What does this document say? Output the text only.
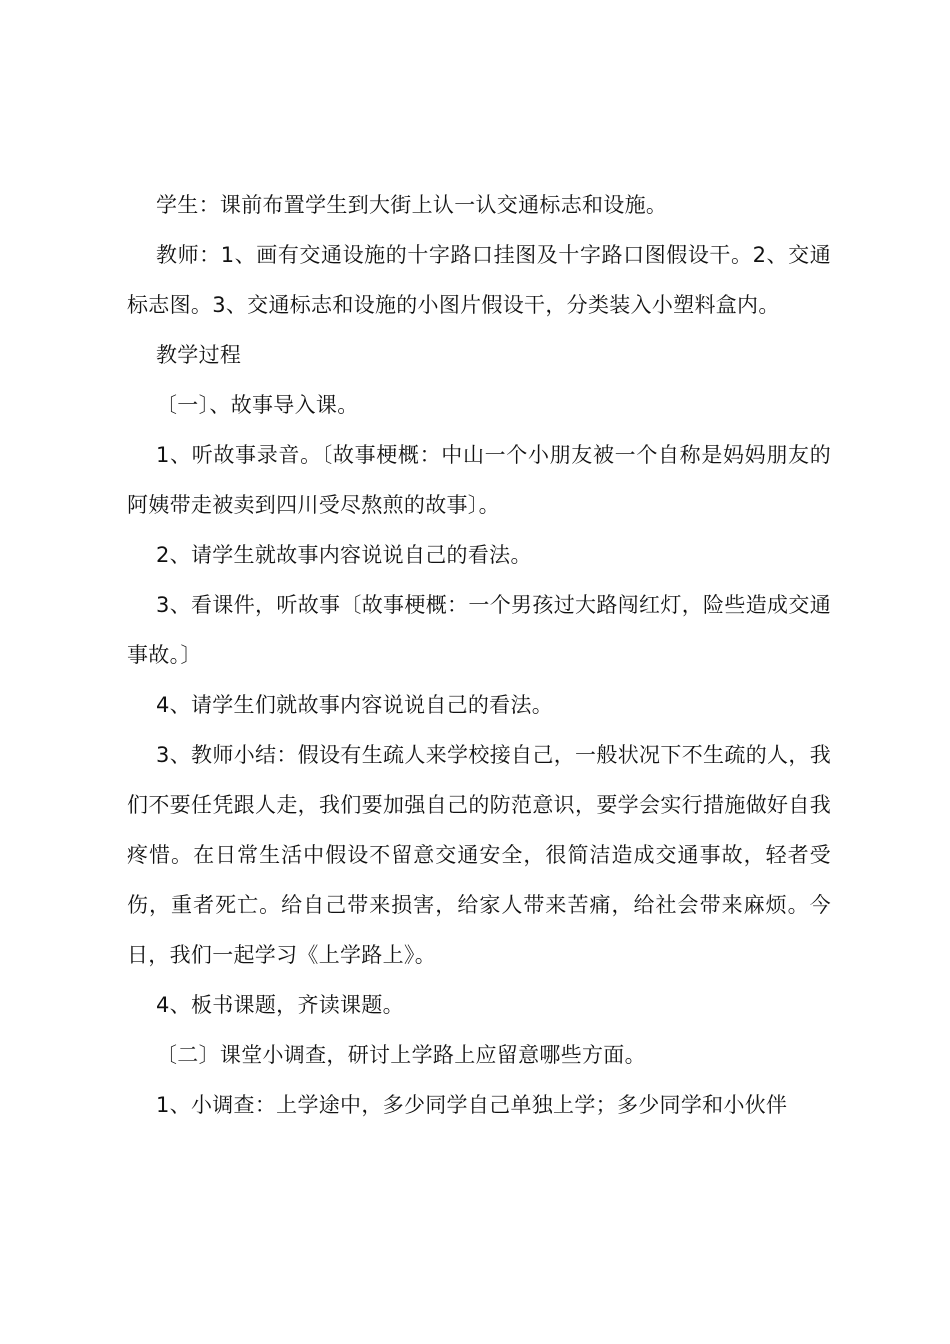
学生：课前布置学生到大街上认一认交通标志和设施。

教师：1、画有交通设施的十字路口挂图及十字路口图假设干。2、交通标志图。3、交通标志和设施的小图片假设干，分类装入小塑料盒内。

教学过程

〔一〕、故事导入课。

1、听故事录音。〔故事梗概：中山一个小朋友被一个自称是妈妈朋友的阿姨带走被卖到四川受尽熬煎的故事〕。

2、请学生就故事内容说说自己的看法。

3、看课件，听故事〔故事梗概：一个男孩过大路闯红灯，险些造成交通事故。〕

4、请学生们就故事内容说说自己的看法。

3、教师小结：假设有生疏人来学校接自己，一般状况下不生疏的人，我们不要任凭跟人走，我们要加强自己的防范意识，要学会实行措施做好自我疼惜。在日常生活中假设不留意交通安全，很简洁造成交通事故，轻者受伤，重者死亡。给自己带来损害，给家人带来苦痛，给社会带来麻烦。今日，我们一起学习《上学路上》。

4、板书课题，齐读课题。

〔二〕课堂小调查，研讨上学路上应留意哪些方面。

1、小调查：上学途中，多少同学自己单独上学；多少同学和小伙伴
